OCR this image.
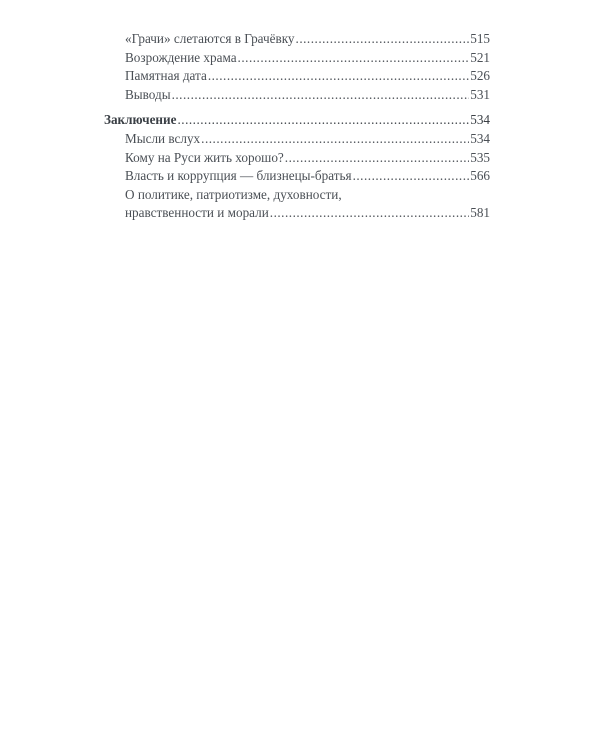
«Грачи» слетаются в Грачёвку .....	515
Возрождение храма .....	521
Памятная дата .....	526
Выводы .....	531
Заключение .....	534
Мысли вслух .....	534
Кому на Руси жить хорошо? .....	535
Власть и коррупция — близнецы-братья .....	566
О политике, патриотизме, духовности,
нравственности и морали .....	581
